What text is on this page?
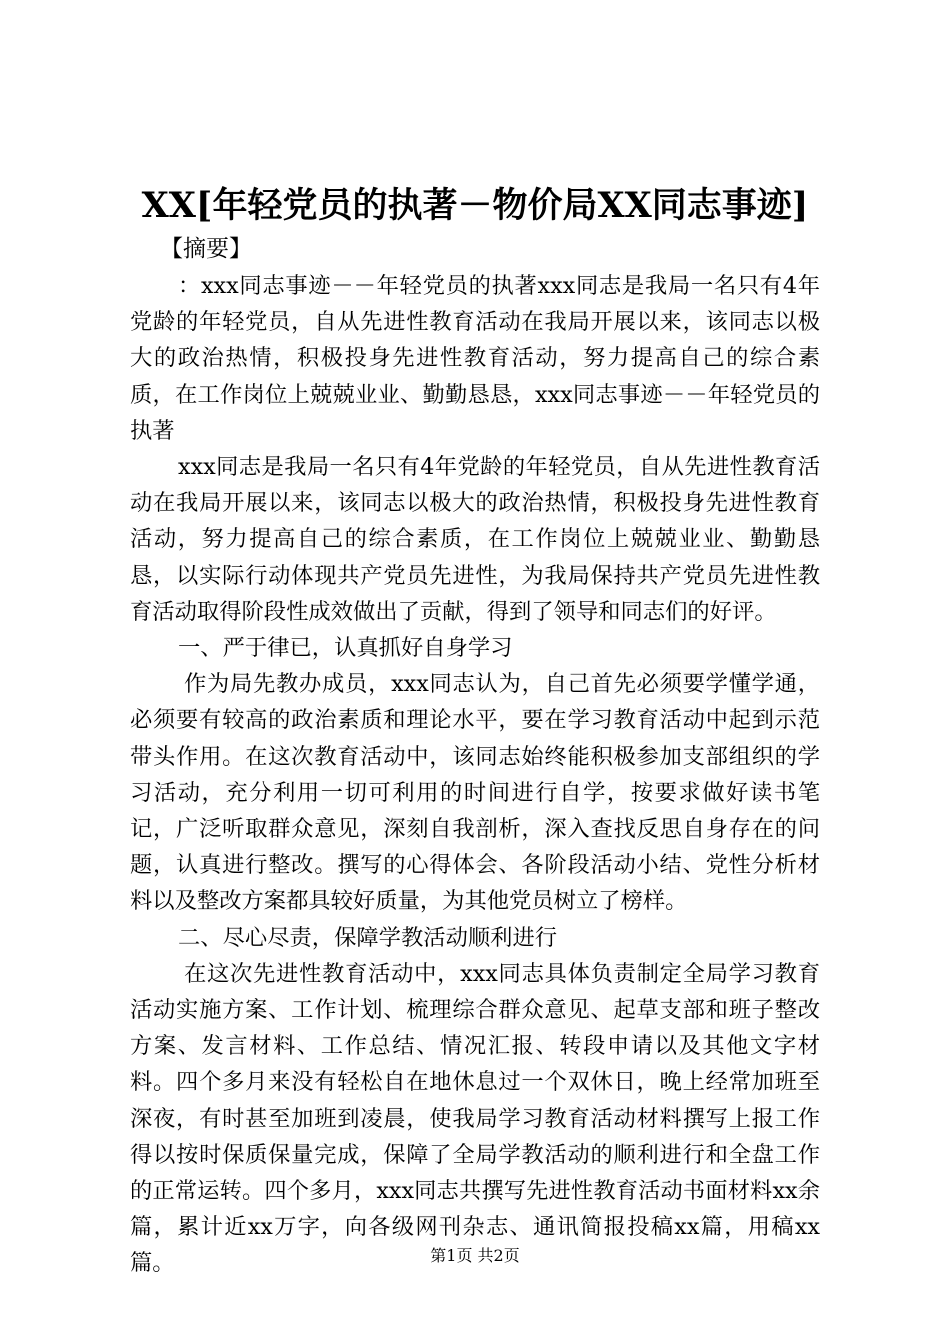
XX[年轻党员的执著－物价局XX同志事迹]
【摘要】

：xxx同志事迹－－年轻党员的执著xxx同志是我局一名只有4年党龄的年轻党员，自从先进性教育活动在我局开展以来，该同志以极大的政治热情，积极投身先进性教育活动，努力提高自己的综合素质，在工作岗位上兢兢业业、勤勤恳恳，xxx同志事迹－－年轻党员的执著

xxx同志是我局一名只有4年党龄的年轻党员，自从先进性教育活动在我局开展以来，该同志以极大的政治热情，积极投身先进性教育活动，努力提高自己的综合素质，在工作岗位上兢兢业业、勤勤恳恳，以实际行动体现共产党员先进性，为我局保持共产党员先进性教育活动取得阶段性成效做出了贡献，得到了领导和同志们的好评。

一、严于律已，认真抓好自身学习

作为局先教办成员，xxx同志认为，自己首先必须要学懂学通，必须要有较高的政治素质和理论水平，要在学习教育活动中起到示范带头作用。在这次教育活动中，该同志始终能积极参加支部组织的学习活动，充分利用一切可利用的时间进行自学，按要求做好读书笔记，广泛听取群众意见，深刻自我剖析，深入查找反思自身存在的问题，认真进行整改。撰写的心得体会、各阶段活动小结、党性分析材料以及整改方案都具较好质量，为其他党员树立了榜样。

二、尽心尽责，保障学教活动顺利进行

在这次先进性教育活动中，xxx同志具体负责制定全局学习教育活动实施方案、工作计划、梳理综合群众意见、起草支部和班子整改方案、发言材料、工作总结、情况汇报、转段申请以及其他文字材料。四个多月来没有轻松自在地休息过一个双休日，晚上经常加班至深夜，有时甚至加班到凌晨，使我局学习教育活动材料撰写上报工作得以按时保质保量完成，保障了全局学教活动的顺利进行和全盘工作的正常运转。四个多月，xxx同志共撰写先进性教育活动书面材料xx余篇，累计近xx万字，向各级网刊杂志、通讯简报投稿xx篇，用稿xx篇。	第1页 共2页
